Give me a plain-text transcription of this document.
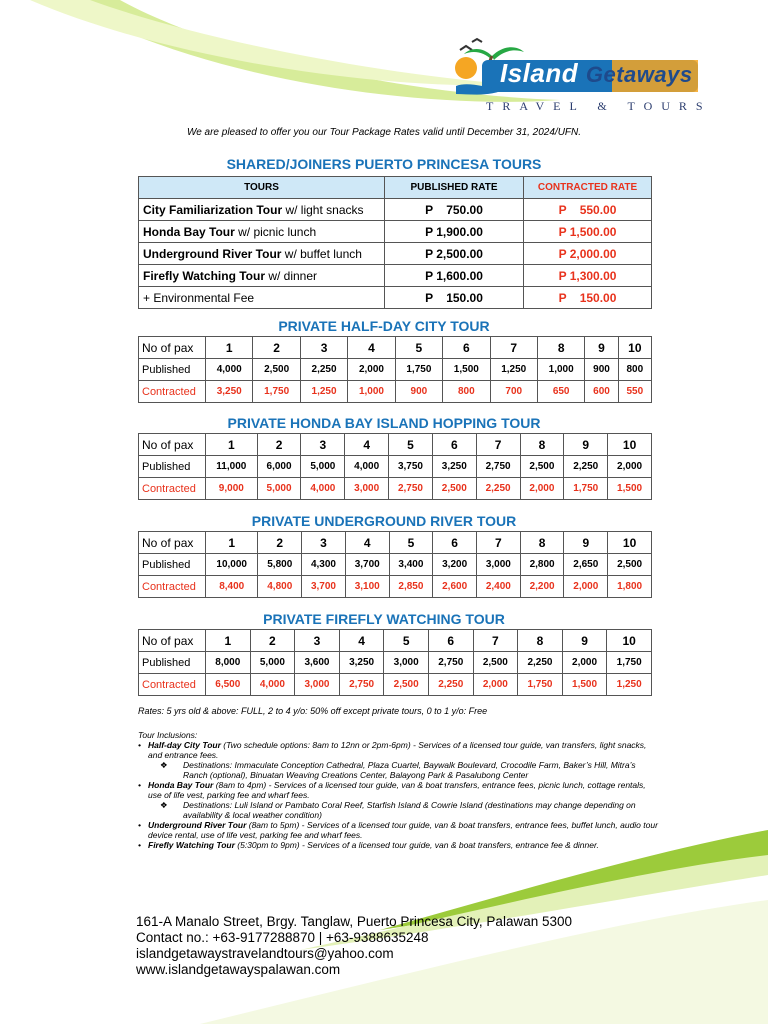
Island Getaways
TRAVEL & TOURS
We are pleased to offer you our Tour Package Rates valid until December 31, 2024/UFN.
SHARED/JOINERS PUERTO PRINCESA TOURS
TOURS	PUBLISHED RATE	CONTRACTED RATE
City Familiarization Tour w/ light snacks	P    750.00	P    550.00
Honda Bay Tour w/ picnic lunch	P 1,900.00	P 1,500.00
Underground River Tour w/ buffet lunch	P 2,500.00	P 2,000.00
Firefly Watching Tour w/ dinner	P 1,600.00	P 1,300.00
+ Environmental Fee	P    150.00	P    150.00
PRIVATE HALF-DAY CITY TOUR
No of pax	1	2	3	4	5	6	7	8	9	10
Published	4,000	2,500	2,250	2,000	1,750	1,500	1,250	1,000	900	800
Contracted	3,250	1,750	1,250	1,000	900	800	700	650	600	550
PRIVATE HONDA BAY ISLAND HOPPING TOUR
No of pax	1	2	3	4	5	6	7	8	9	10
Published	11,000	6,000	5,000	4,000	3,750	3,250	2,750	2,500	2,250	2,000
Contracted	9,000	5,000	4,000	3,000	2,750	2,500	2,250	2,000	1,750	1,500
PRIVATE UNDERGROUND RIVER TOUR
No of pax	1	2	3	4	5	6	7	8	9	10
Published	10,000	5,800	4,300	3,700	3,400	3,200	3,000	2,800	2,650	2,500
Contracted	8,400	4,800	3,700	3,100	2,850	2,600	2,400	2,200	2,000	1,800
PRIVATE FIREFLY WATCHING TOUR
No of pax	1	2	3	4	5	6	7	8	9	10
Published	8,000	5,000	3,600	3,250	3,000	2,750	2,500	2,250	2,000	1,750
Contracted	6,500	4,000	3,000	2,750	2,500	2,250	2,000	1,750	1,500	1,250
Rates: 5 yrs old & above: FULL, 2 to 4 y/o: 50% off except private tours, 0 to 1 y/o: Free
Tour Inclusions:
• Half-day City Tour (Two schedule options: 8am to 12nn or 2pm-6pm) - Services of a licensed tour guide, van transfers, light snacks, and entrance fees.
❖ Destinations: Immaculate Conception Cathedral, Plaza Cuartel, Baywalk Boulevard, Crocodile Farm, Baker’s Hill, Mitra’s Ranch (optional), Binuatan Weaving Creations Center, Balayong Park & Pasalubong Center
• Honda Bay Tour (8am to 4pm) - Services of a licensed tour guide, van & boat transfers, entrance fees, picnic lunch, cottage rentals, use of life vest, parking fee and wharf fees.
❖ Destinations: Luli Island or Pambato Coral Reef, Starfish Island & Cowrie Island (destinations may change depending on availability & local weather condition)
• Underground River Tour (8am to 5pm) - Services of a licensed tour guide, van & boat transfers, entrance fees, buffet lunch, audio tour device rental, use of life vest, parking fee and wharf fees.
• Firefly Watching Tour (5:30pm to 9pm) - Services of a licensed tour guide, van & boat transfers, entrance fee & dinner.
161-A Manalo Street, Brgy. Tanglaw, Puerto Princesa City, Palawan 5300
Contact no.: +63-9177288870 | +63-9388635248
islandgetawaystravelandtours@yahoo.com
www.islandgetawayspalawan.com
